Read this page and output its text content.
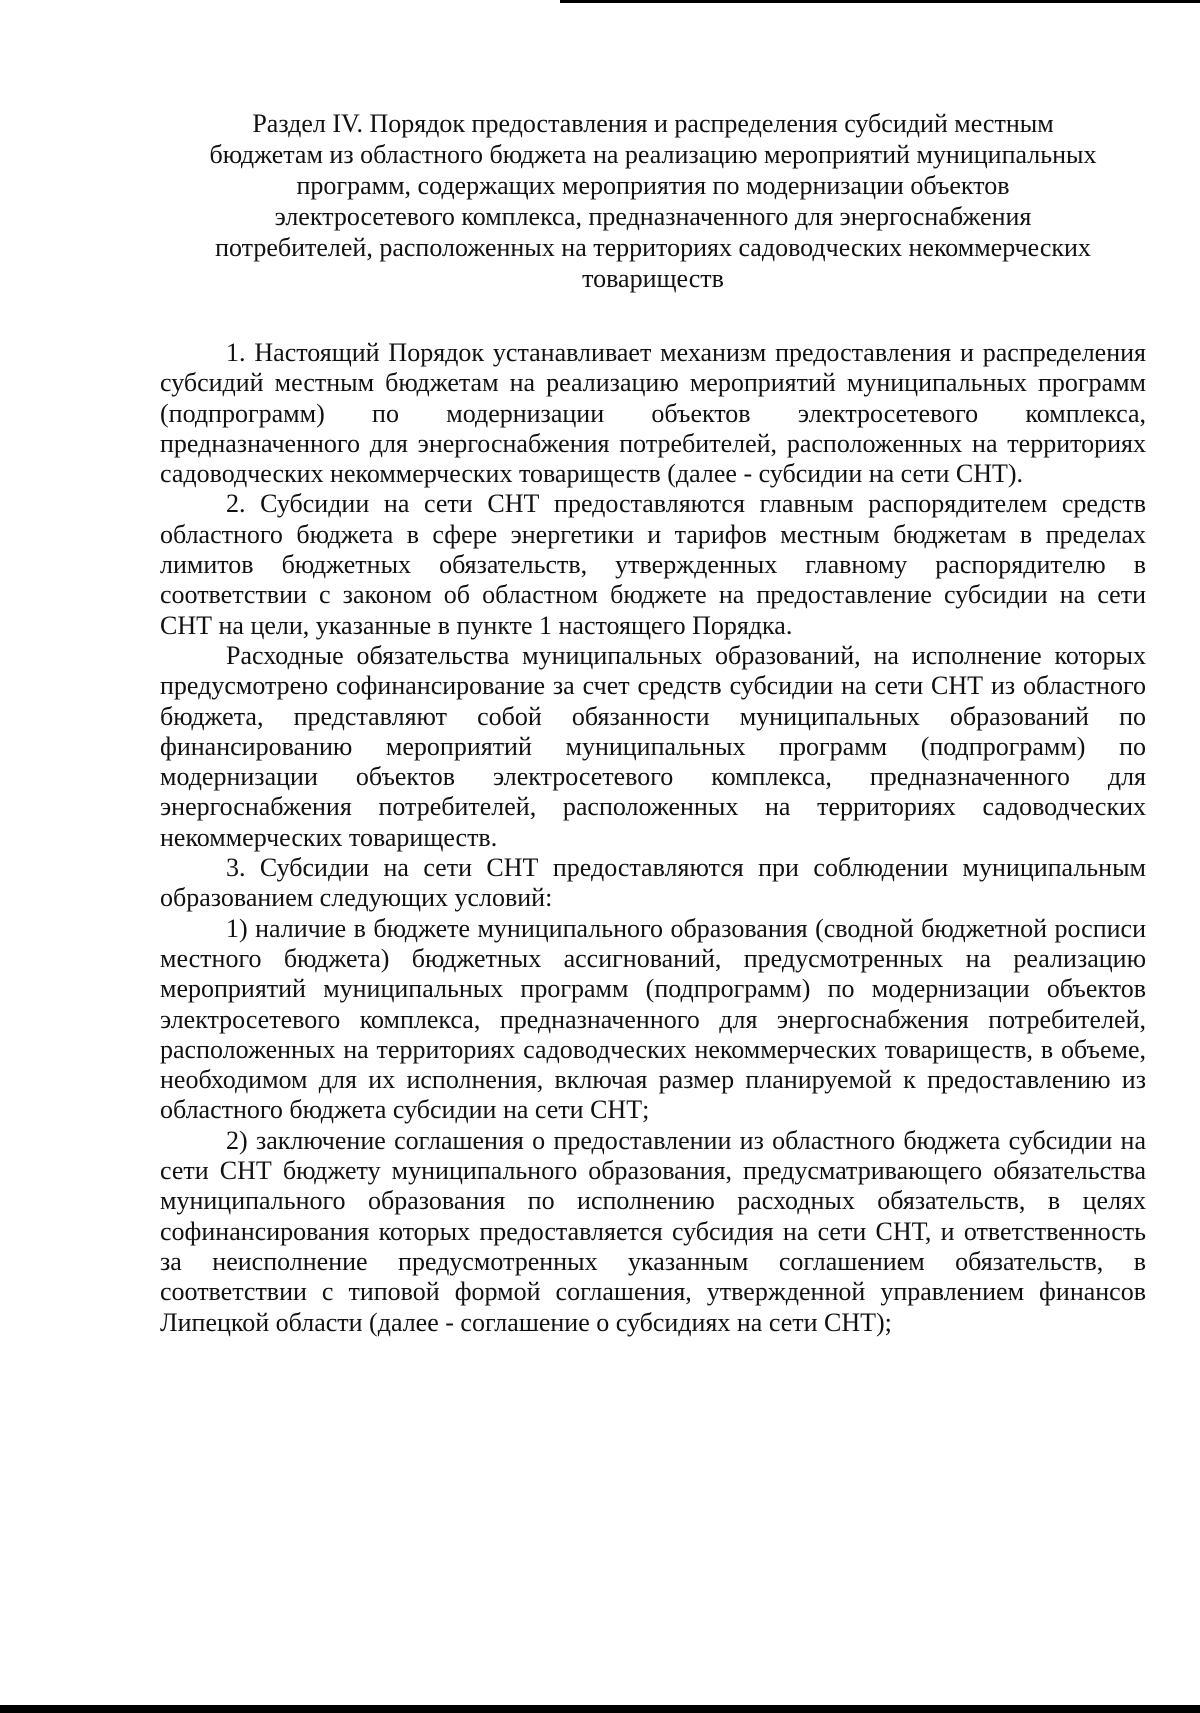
Раздел IV. Порядок предоставления и распределения субсидий местным
бюджетам из областного бюджета на реализацию мероприятий муниципальных
программ, содержащих мероприятия по модернизации объектов
электросетевого комплекса, предназначенного для энергоснабжения
потребителей, расположенных на территориях садоводческих некоммерческих
товариществ

1. Настоящий Порядок устанавливает механизм предоставления и распределения субсидий местным бюджетам на реализацию мероприятий муниципальных программ (подпрограмм) по модернизации объектов электросетевого комплекса, предназначенного для энергоснабжения потребителей, расположенных на территориях садоводческих некоммерческих товариществ (далее - субсидии на сети СНТ).

2. Субсидии на сети СНТ предоставляются главным распорядителем средств областного бюджета в сфере энергетики и тарифов местным бюджетам в пределах лимитов бюджетных обязательств, утвержденных главному распорядителю в соответствии с законом об областном бюджете на предоставление субсидии на сети СНТ на цели, указанные в пункте 1 настоящего Порядка.

Расходные обязательства муниципальных образований, на исполнение которых предусмотрено софинансирование за счет средств субсидии на сети СНТ из областного бюджета, представляют собой обязанности муниципальных образований по финансированию мероприятий муниципальных программ (подпрограмм) по модернизации объектов электросетевого комплекса, предназначенного для энергоснабжения потребителей, расположенных на территориях садоводческих некоммерческих товариществ.

3. Субсидии на сети СНТ предоставляются при соблюдении муниципальным образованием следующих условий:

1) наличие в бюджете муниципального образования (сводной бюджетной росписи местного бюджета) бюджетных ассигнований, предусмотренных на реализацию мероприятий муниципальных программ (подпрограмм) по модернизации объектов электросетевого комплекса, предназначенного для энергоснабжения потребителей, расположенных на территориях садоводческих некоммерческих товариществ, в объеме, необходимом для их исполнения, включая размер планируемой к предоставлению из областного бюджета субсидии на сети СНТ;

2) заключение соглашения о предоставлении из областного бюджета субсидии на сети СНТ бюджету муниципального образования, предусматривающего обязательства муниципального образования по исполнению расходных обязательств, в целях софинансирования которых предоставляется субсидия на сети СНТ, и ответственность за неисполнение предусмотренных указанным соглашением обязательств, в соответствии с типовой формой соглашения, утвержденной управлением финансов Липецкой области (далее - соглашение о субсидиях на сети СНТ);
